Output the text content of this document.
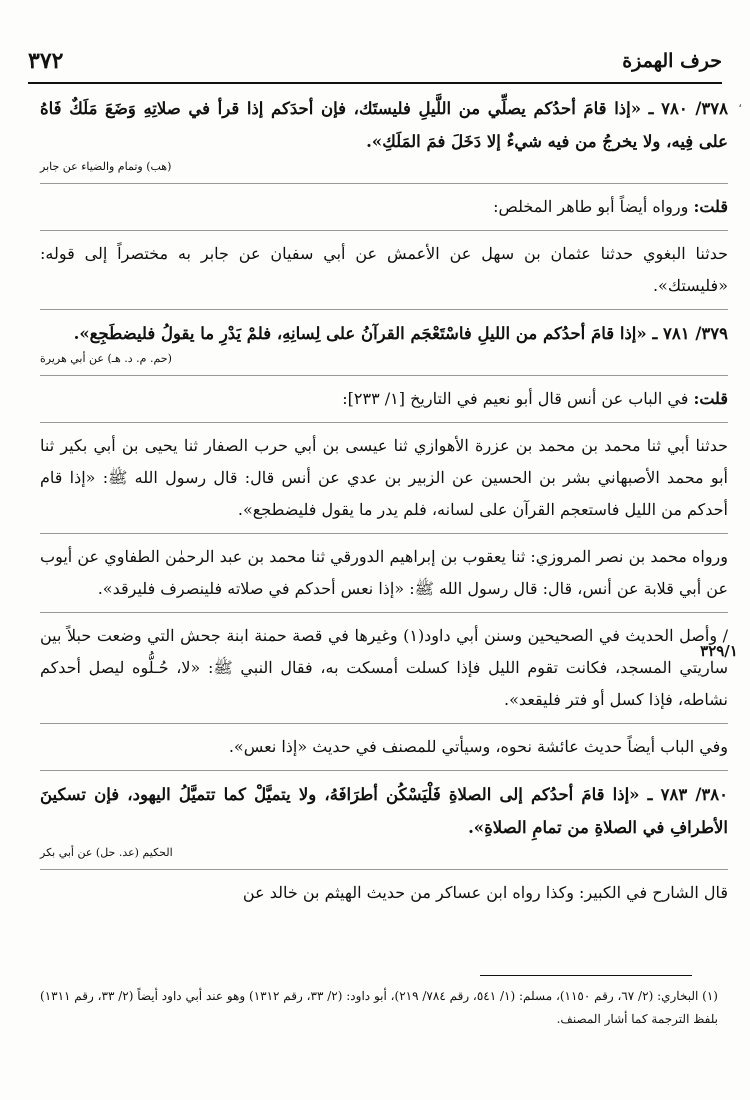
٣٧٢	حرف الهمزة
،

٣٧٨/ ٧٨٠ ـ «إذا قامَ أحدُكم يصلِّي من اللَّيلِ فليستَك، فإن أحدَكم إذا قرأ في صلاتِهِ وَضَعَ مَلَكٌ فَاهُ على فِيه، ولا يخرجُ من فيه شيءٌ إلا دَخَلَ فمَ المَلَكِ».

(هب) وتمام والضياء عن جابر

قلت: ورواه أيضاً أبو طاهر المخلص:

حدثنا البغوي حدثنا عثمان بن سهل عن الأعمش عن أبي سفيان عن جابر به مختصراً إلى قوله: «فليستك».

٣٧٩/ ٧٨١ ـ «إذا قامَ أحدُكم من الليلِ فاسْتَعْجَم القرآنُ على لِسانِهِ، فلمْ يَدْرِ ما يقولُ فليضطَجِع».

(حم. م. د. هـ) عن أبي هريرة

قلت: في الباب عن أنس قال أبو نعيم في التاريخ [١/ ٢٣٣]:

حدثنا أبي ثنا محمد بن محمد بن عزرة الأهوازي ثنا عيسى بن أبي حرب الصفار ثنا يحيى بن أبي بكير ثنا أبو محمد الأصبهاني بشر بن الحسين عن الزبير بن عدي عن أنس قال: قال رسول الله ﷺ: «إذا قام أحدكم من الليل فاستعجم القرآن على لسانه، فلم يدر ما يقول فليضطجع».

ورواه محمد بن نصر المروزي: ثنا يعقوب بن إبراهيم الدورقي ثنا محمد بن عبد الرحمٰن الطفاوي عن أيوب عن أبي قلابة عن أنس، قال: قال رسول الله ﷺ: «إذا نعس أحدكم في صلاته فلينصرف فليرقد».

/ وأصل الحديث في الصحيحين وسنن أبي داود(١) وغيرها في قصة حمنة ابنة جحش التي وضعت حبلاً بين ساريتي المسجد، فكانت تقوم الليل فإذا كسلت أمسكت به، فقال النبي ﷺ: «لا، حُـلُّوه ليصل أحدكم نشاطه، فإذا كسل أو فتر فليقعد».

وفي الباب أيضاً حديث عائشة نحوه، وسيأتي للمصنف في حديث «إذا نعس».

٣٨٠/ ٧٨٣ ـ «إذا قامَ أحدُكم إلى الصلاةِ فَلْيَسْكُن أطرَافَهُ، ولا يتميَّلْ كما تتميَّلُ اليهود، فإن تسكينَ الأطرافِ في الصلاةِ من تمامِ الصلاةِ».

الحكيم (عد. حل) عن أبي بكر

قال الشارح في الكبير: وكذا رواه ابن عساكر من حديث الهيثم بن خالد عن

(١) البخاري: (٢/ ٦٧، رقم ١١٥٠)، مسلم: (١/ ٥٤١، رقم ٧٨٤/ ٢١٩)، أبو داود: (٢/ ٣٣، رقم ١٣١٢) وهو عند أبي داود أيضاً (٢/ ٣٣، رقم ١٣١١) بلفظ الترجمة كما أشار المصنف.
٣٢٩/١
